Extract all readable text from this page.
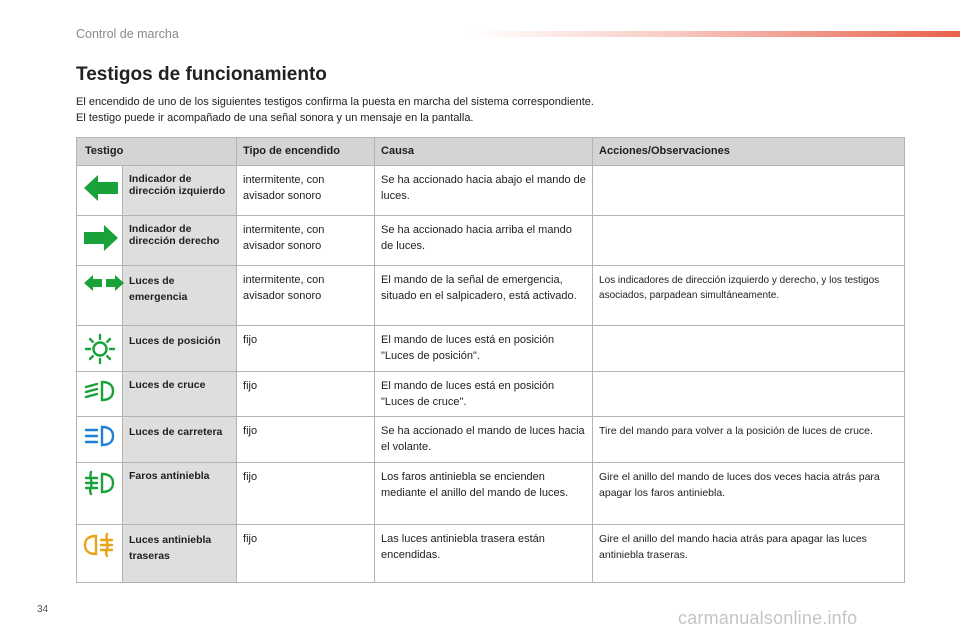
Control de marcha
Testigos de funcionamiento

El encendido de uno de los siguientes testigos confirma la puesta en marcha del sistema correspondiente.

El testigo puede ir acompañado de una señal sonora y un mensaje en la pantalla.

Testigo		Tipo de encendido	Causa	Acciones/Observaciones
	Indicador de dirección izquierdo	intermitente, con avisador sonoro	Se ha accionado hacia abajo el mando de luces.	
	Indicador de dirección derecho	intermitente, con avisador sonoro	Se ha accionado hacia arriba el mando de luces.	
	Luces de emergencia	intermitente, con avisador sonoro	El mando de la señal de emergencia, situado en el salpicadero, está activado.	Los indicadores de dirección izquierdo y derecho, y los testigos asociados, parpadean simultáneamente.
	Luces de posición	fijo	El mando de luces está en posición "Luces de posición".	
	Luces de cruce	fijo	El mando de luces está en posición "Luces de cruce".	
	Luces de carretera	fijo	Se ha accionado el mando de luces hacia el volante.	Tire del mando para volver a la posición de luces de cruce.
	Faros antiniebla	fijo	Los faros antiniebla se encienden mediante el anillo del mando de luces.	Gire el anillo del mando de luces dos veces hacia atrás para apagar los faros antiniebla.
	Luces antiniebla traseras	fijo	Las luces antiniebla trasera están encendidas.	Gire el anillo del mando hacia atrás para apagar las luces antiniebla traseras.
34	carmanualsonline.info
